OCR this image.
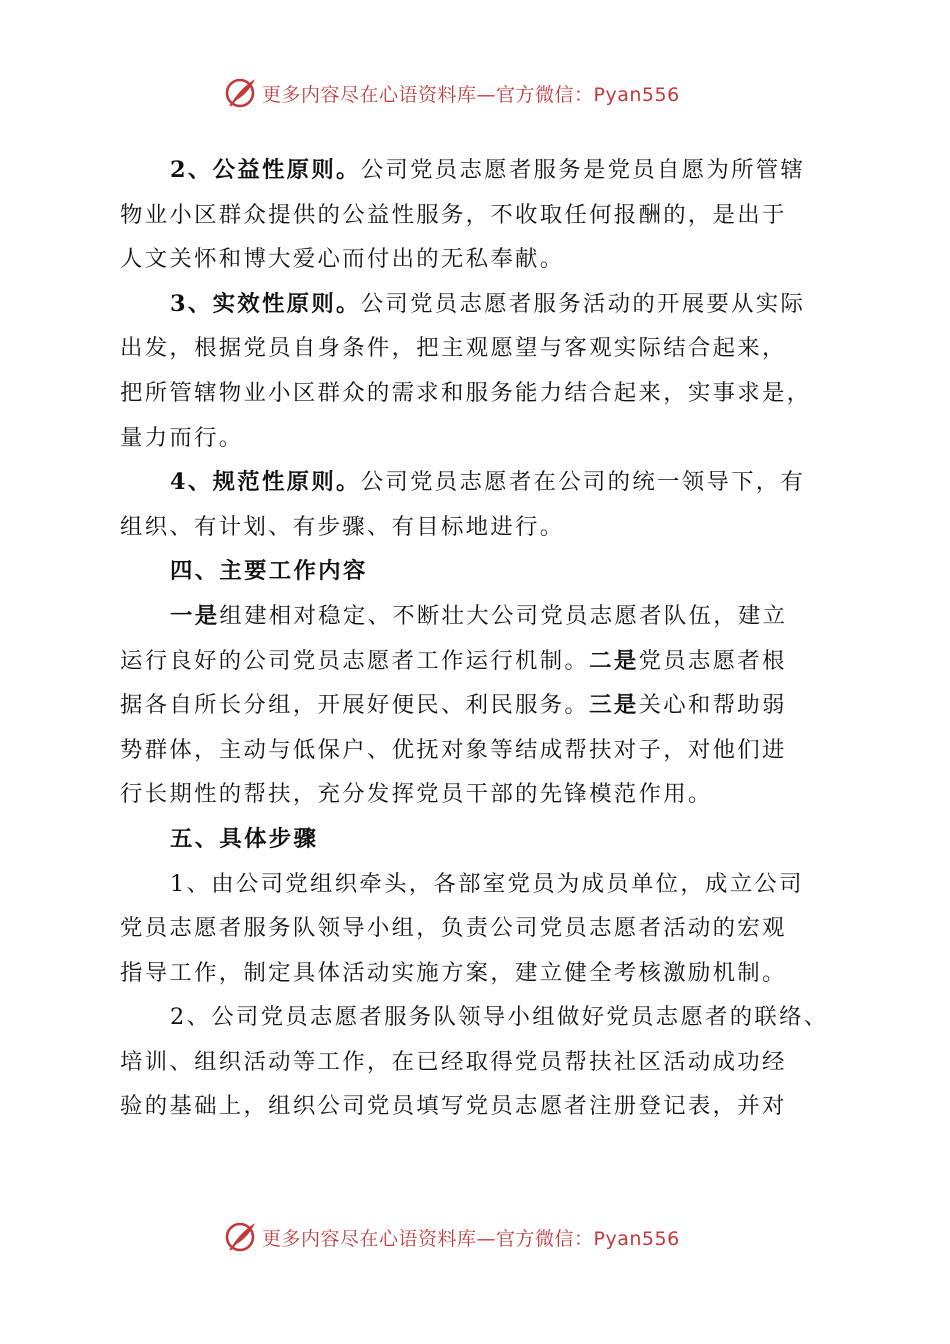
更多内容尽在心语资料库—官方微信：Pyan556

2、公益性原则。公司党员志愿者服务是党员自愿为所管辖

物业小区群众提供的公益性服务，不收取任何报酬的，是出于

人文关怀和博大爱心而付出的无私奉献。

3、实效性原则。公司党员志愿者服务活动的开展要从实际

出发，根据党员自身条件，把主观愿望与客观实际结合起来，

把所管辖物业小区群众的需求和服务能力结合起来，实事求是，

量力而行。

4、规范性原则。公司党员志愿者在公司的统一领导下，有

组织、有计划、有步骤、有目标地进行。

四、主要工作内容

一是组建相对稳定、不断壮大公司党员志愿者队伍，建立

运行良好的公司党员志愿者工作运行机制。二是党员志愿者根

据各自所长分组，开展好便民、利民服务。三是关心和帮助弱

势群体，主动与低保户、优抚对象等结成帮扶对子，对他们进

行长期性的帮扶，充分发挥党员干部的先锋模范作用。

五、具体步骤

1、由公司党组织牵头，各部室党员为成员单位，成立公司

党员志愿者服务队领导小组，负责公司党员志愿者活动的宏观

指导工作，制定具体活动实施方案，建立健全考核激励机制。

2、公司党员志愿者服务队领导小组做好党员志愿者的联络、

培训、组织活动等工作，在已经取得党员帮扶社区活动成功经

验的基础上，组织公司党员填写党员志愿者注册登记表，并对

更多内容尽在心语资料库—官方微信：Pyan556
